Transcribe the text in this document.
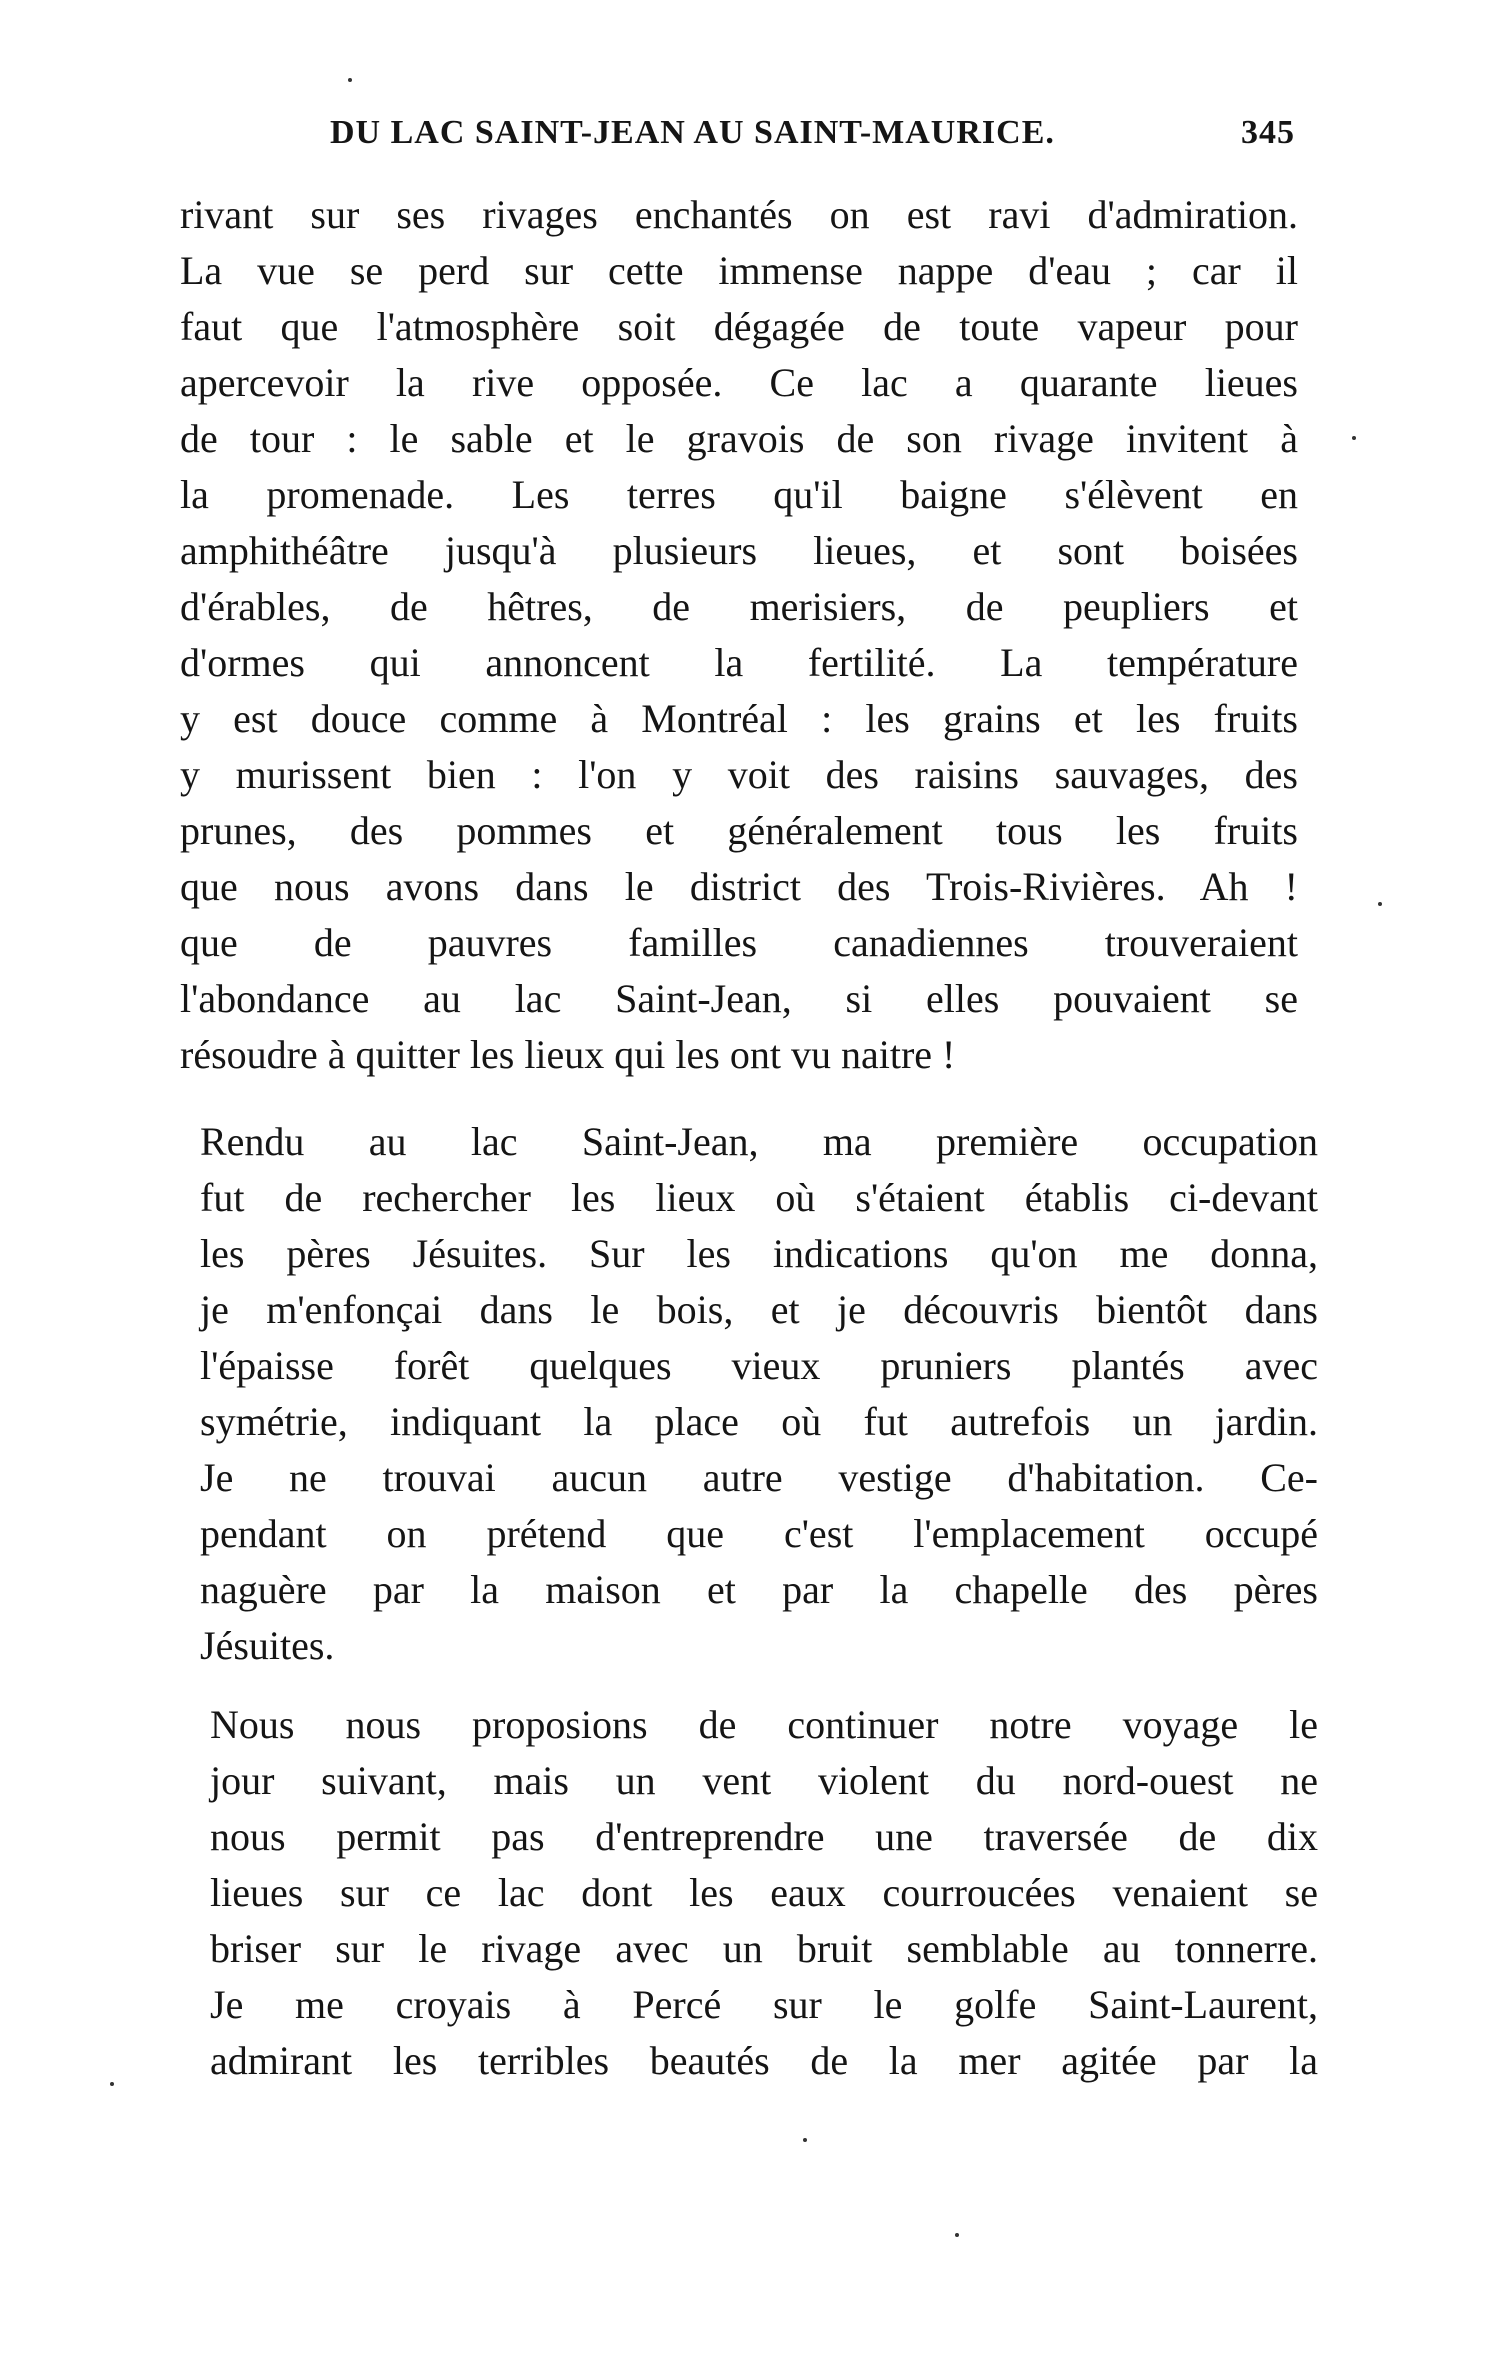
DU LAC SAINT-JEAN AU SAINT-MAURICE.	345
rivant sur ses rivages enchantés on est ravi d'admiration.
La vue se perd sur cette immense nappe d'eau ; car il
faut que l'atmosphère soit dégagée de toute vapeur pour
apercevoir la rive opposée. Ce lac a quarante lieues
de tour : le sable et le gravois de son rivage invitent à
la promenade. Les terres qu'il baigne s'élèvent en
amphithéâtre jusqu'à plusieurs lieues, et sont boisées
d'érables, de hêtres, de merisiers, de peupliers et
d'ormes qui annoncent la fertilité. La température
y est douce comme à Montréal : les grains et les fruits
y murissent bien : l'on y voit des raisins sauvages, des
prunes, des pommes et généralement tous les fruits
que nous avons dans le district des Trois-Rivières. Ah !
que de pauvres familles canadiennes trouveraient
l'abondance au lac Saint-Jean, si elles pouvaient se
résoudre à quitter les lieux qui les ont vu naitre !
Rendu au lac Saint-Jean, ma première occupation
fut de rechercher les lieux où s'étaient établis ci-devant
les pères Jésuites. Sur les indications qu'on me donna,
je m'enfonçai dans le bois, et je découvris bientôt dans
l'épaisse forêt quelques vieux pruniers plantés avec
symétrie, indiquant la place où fut autrefois un jardin.
Je ne trouvai aucun autre vestige d'habitation. Ce-
pendant on prétend que c'est l'emplacement occupé
naguère par la maison et par la chapelle des pères
Jésuites.
Nous nous proposions de continuer notre voyage le
jour suivant, mais un vent violent du nord-ouest ne
nous permit pas d'entreprendre une traversée de dix
lieues sur ce lac dont les eaux courroucées venaient se
briser sur le rivage avec un bruit semblable au tonnerre.
Je me croyais à Percé sur le golfe Saint-Laurent,
admirant les terribles beautés de la mer agitée par la
